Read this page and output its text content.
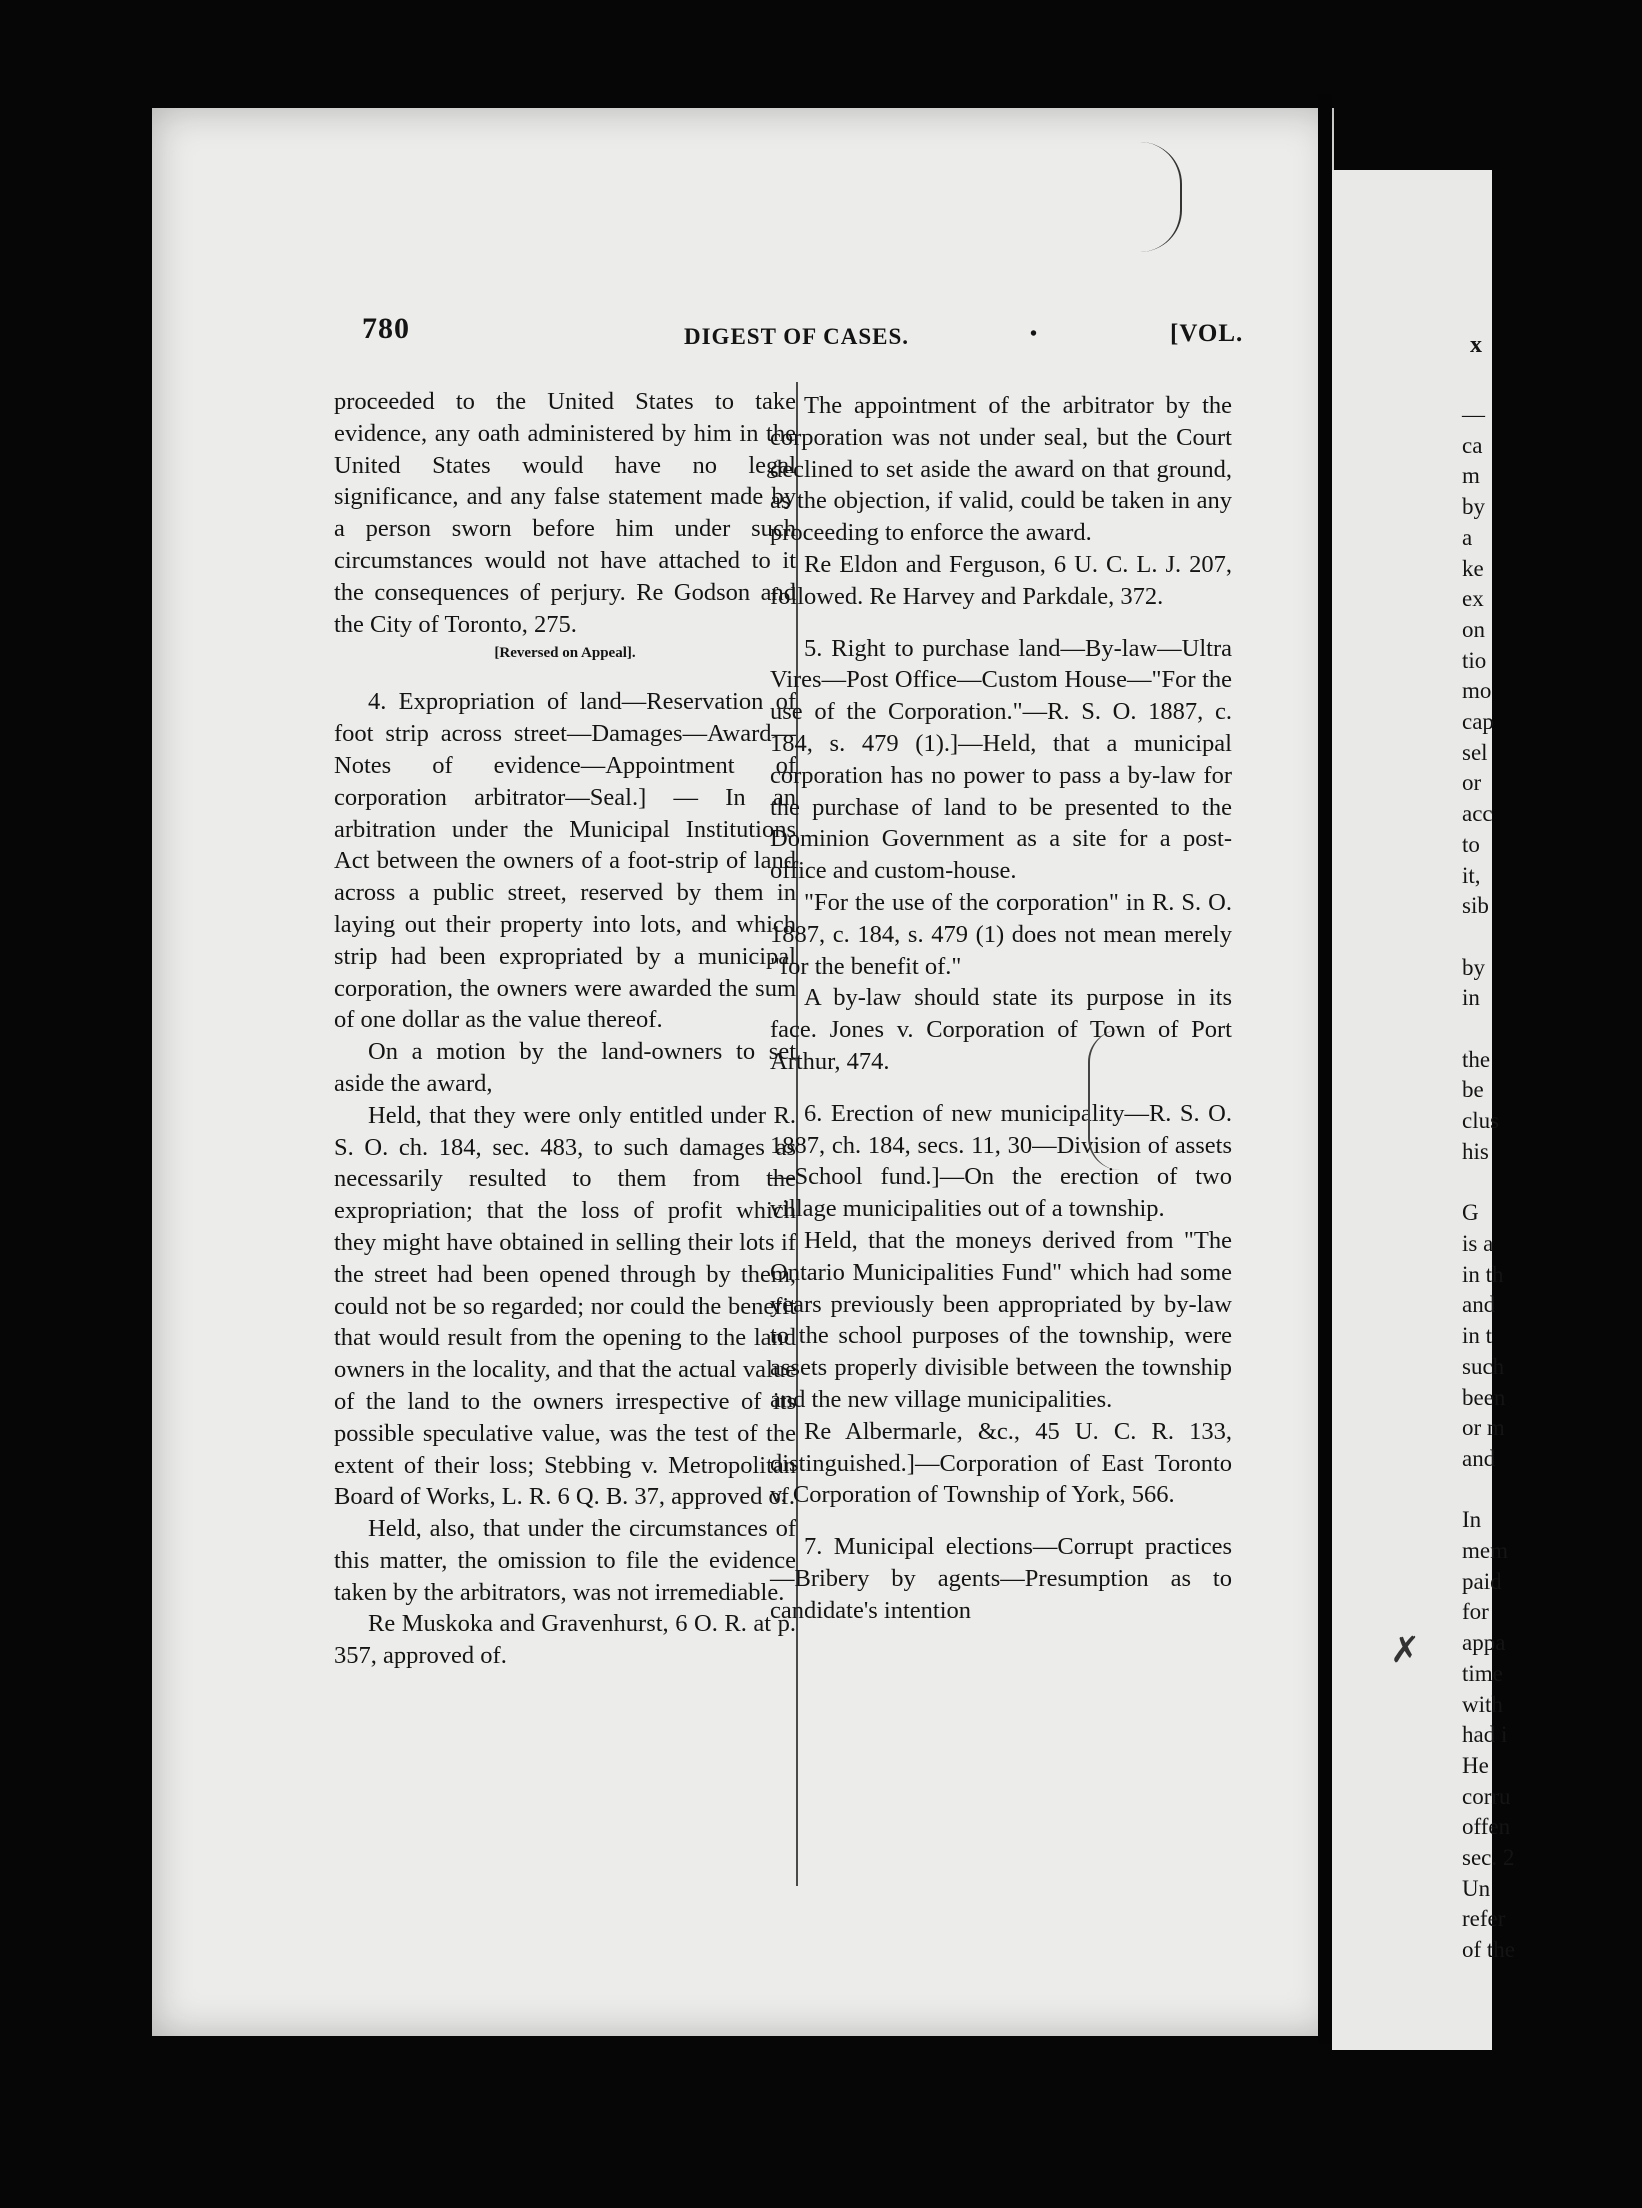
x
—
ca
m
by
a
ke
ex
on
tio
mo
cap
sel
or
acc
to
it,
sib

by
in

the
be
clus
his

G
is a
in th
and
in t
such
been
or m
and

In
mem
paid
for
appa
time
with
had i
He
corru
offen
sec. 2
Un
refer
of the
780	DIGEST OF CASES.	•	[VOL.

proceeded to the United States to take evidence, any oath administered by him in the United States would have no legal significance, and any false statement made by a person sworn before him under such circumstances would not have attached to it the consequences of perjury. Re Godson and the City of Toronto, 275.

[Reversed on Appeal].

4. Expropriation of land—Reservation of foot strip across street—Damages—Award—Notes of evidence—Appointment of corporation arbitrator—Seal.] — In an arbitration under the Municipal Institutions Act between the owners of a foot-strip of land across a public street, reserved by them in laying out their property into lots, and which strip had been expropriated by a municipal corporation, the owners were awarded the sum of one dollar as the value thereof.

On a motion by the land-owners to set aside the award,

Held, that they were only entitled under R. S. O. ch. 184, sec. 483, to such damages as necessarily resulted to them from the expropriation; that the loss of profit which they might have obtained in selling their lots if the street had been opened through by them, could not be so regarded; nor could the benefit that would result from the opening to the land owners in the locality, and that the actual value of the land to the owners irrespective of its possible speculative value, was the test of the extent of their loss; Stebbing v. Metropolitan Board of Works, L. R. 6 Q. B. 37, approved of.

Held, also, that under the circumstances of this matter, the omission to file the evidence taken by the arbitrators, was not irremediable.

Re Muskoka and Gravenhurst, 6 O. R. at p. 357, approved of.

The appointment of the arbitrator by the corporation was not under seal, but the Court declined to set aside the award on that ground, as the objection, if valid, could be taken in any proceeding to enforce the award.

Re Eldon and Ferguson, 6 U. C. L. J. 207, followed. Re Harvey and Parkdale, 372.

5. Right to purchase land—By-law—Ultra Vires—Post Office—Custom House—"For the use of the Corporation."—R. S. O. 1887, c. 184, s. 479 (1).]—Held, that a municipal corporation has no power to pass a by-law for the purchase of land to be presented to the Dominion Government as a site for a post-office and custom-house.

"For the use of the corporation" in R. S. O. 1887, c. 184, s. 479 (1) does not mean merely "for the benefit of."

A by-law should state its purpose in its face. Jones v. Corporation of Town of Port Arthur, 474.

6. Erection of new municipality—R. S. O. 1887, ch. 184, secs. 11, 30—Division of assets—School fund.]—On the erection of two village municipalities out of a township.

Held, that the moneys derived from "The Ontario Municipalities Fund" which had some years previously been appropriated by by-law to the school purposes of the township, were assets properly divisible between the township and the new village municipalities.

Re Albermarle, &c., 45 U. C. R. 133, distinguished.]—Corporation of East Toronto v. Corporation of Township of York, 566.

7. Municipal elections—Corrupt practices—Bribery by agents—Presumption as to candidate's intention

✗
